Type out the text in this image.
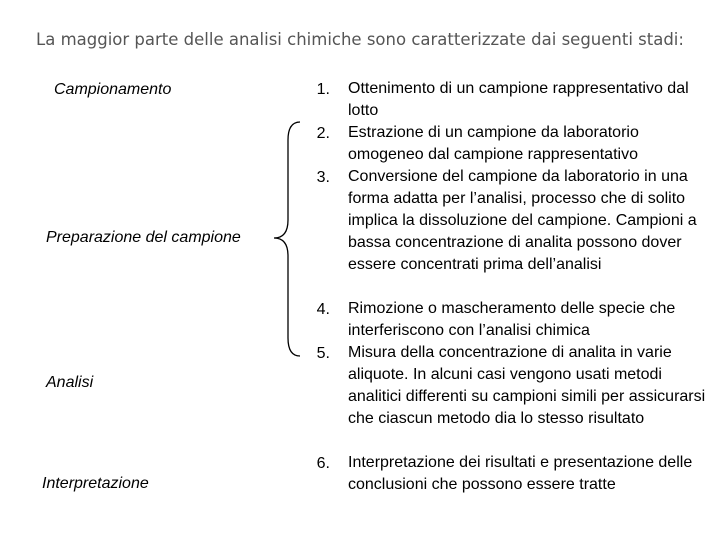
La maggior parte delle analisi chimiche sono caratterizzate dai seguenti stadi:
Campionamento
Preparazione del campione
Analisi
Interpretazione
1.
2.
3.
4.
5.
6.
Ottenimento di un campione rappresentativo dal lotto
Estrazione di un campione da laboratorio omogeneo dal campione rappresentativo
Conversione del campione da laboratorio in una forma adatta per l’analisi, processo che di solito implica la dissoluzione del campione. Campioni a bassa concentrazione di analita possono dover essere concentrati prima dell’analisi
Rimozione o mascheramento delle specie che interferiscono con l’analisi chimica
Misura della concentrazione di analita in varie aliquote. In alcuni casi vengono usati metodi analitici differenti su campioni simili per assicurarsi che ciascun metodo dia lo stesso risultato
Interpretazione dei risultati e presentazione delle conclusioni che possono essere tratte
